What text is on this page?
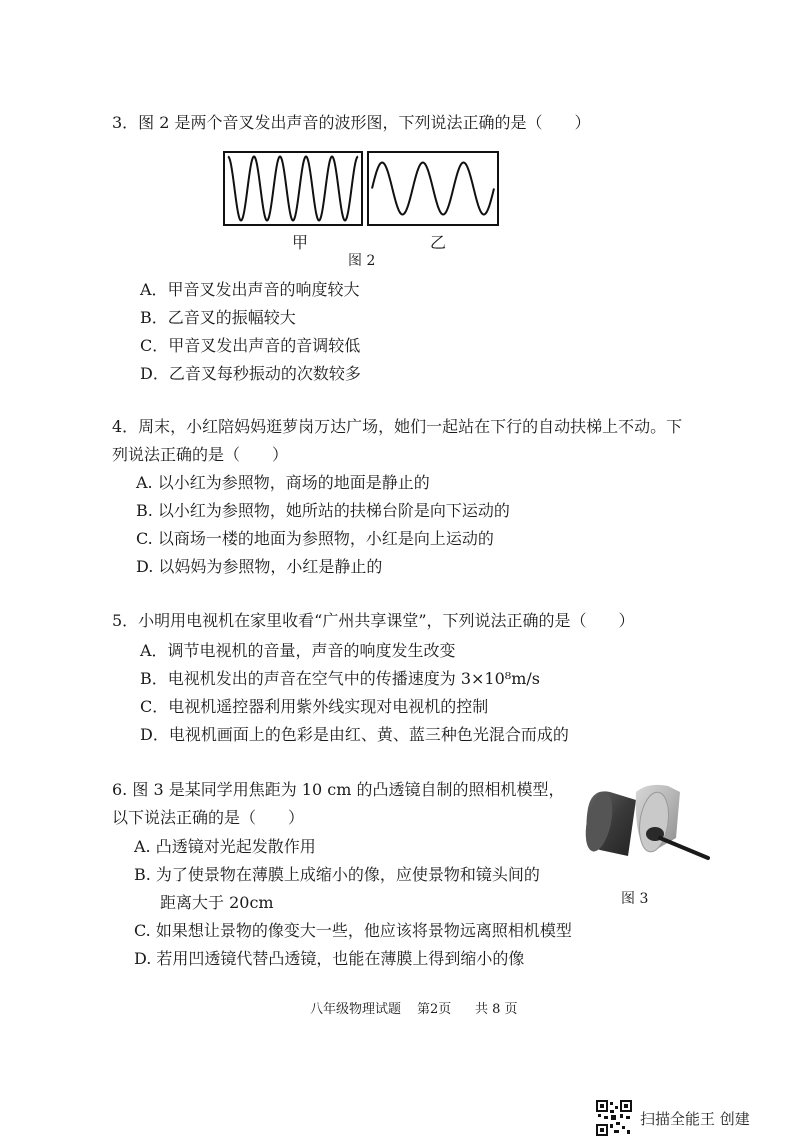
3．图 2 是两个音叉发出声音的波形图，下列说法正确的是（　　）
甲	乙
图 2
A．甲音叉发出声音的响度较大
B．乙音叉的振幅较大
C．甲音叉发出声音的音调较低
D．乙音叉每秒振动的次数较多
4．周末，小红陪妈妈逛萝岗万达广场，她们一起站在下行的自动扶梯上不动。下
列说法正确的是（　　）
A. 以小红为参照物，商场的地面是静止的
B. 以小红为参照物，她所站的扶梯台阶是向下运动的
C. 以商场一楼的地面为参照物，小红是向上运动的
D. 以妈妈为参照物，小红是静止的
5．小明用电视机在家里收看“广州共享课堂”，下列说法正确的是（　　）
A．调节电视机的音量，声音的响度发生改变
B．电视机发出的声音在空气中的传播速度为 3×10⁸m/s
C．电视机遥控器利用紫外线实现对电视机的控制
D．电视机画面上的色彩是由红、黄、蓝三种色光混合而成的
6. 图 3 是某同学用焦距为 10 cm 的凸透镜自制的照相机模型，
以下说法正确的是（　　）
A. 凸透镜对光起发散作用
B. 为了使景物在薄膜上成缩小的像，应使景物和镜头间的
距离大于 20cm
C. 如果想让景物的像变大一些，他应该将景物远离照相机模型
D. 若用凹透镜代替凸透镜，也能在薄膜上得到缩小的像
图 3
八年级物理试题 第2页 共 8 页
扫描全能王 创建
